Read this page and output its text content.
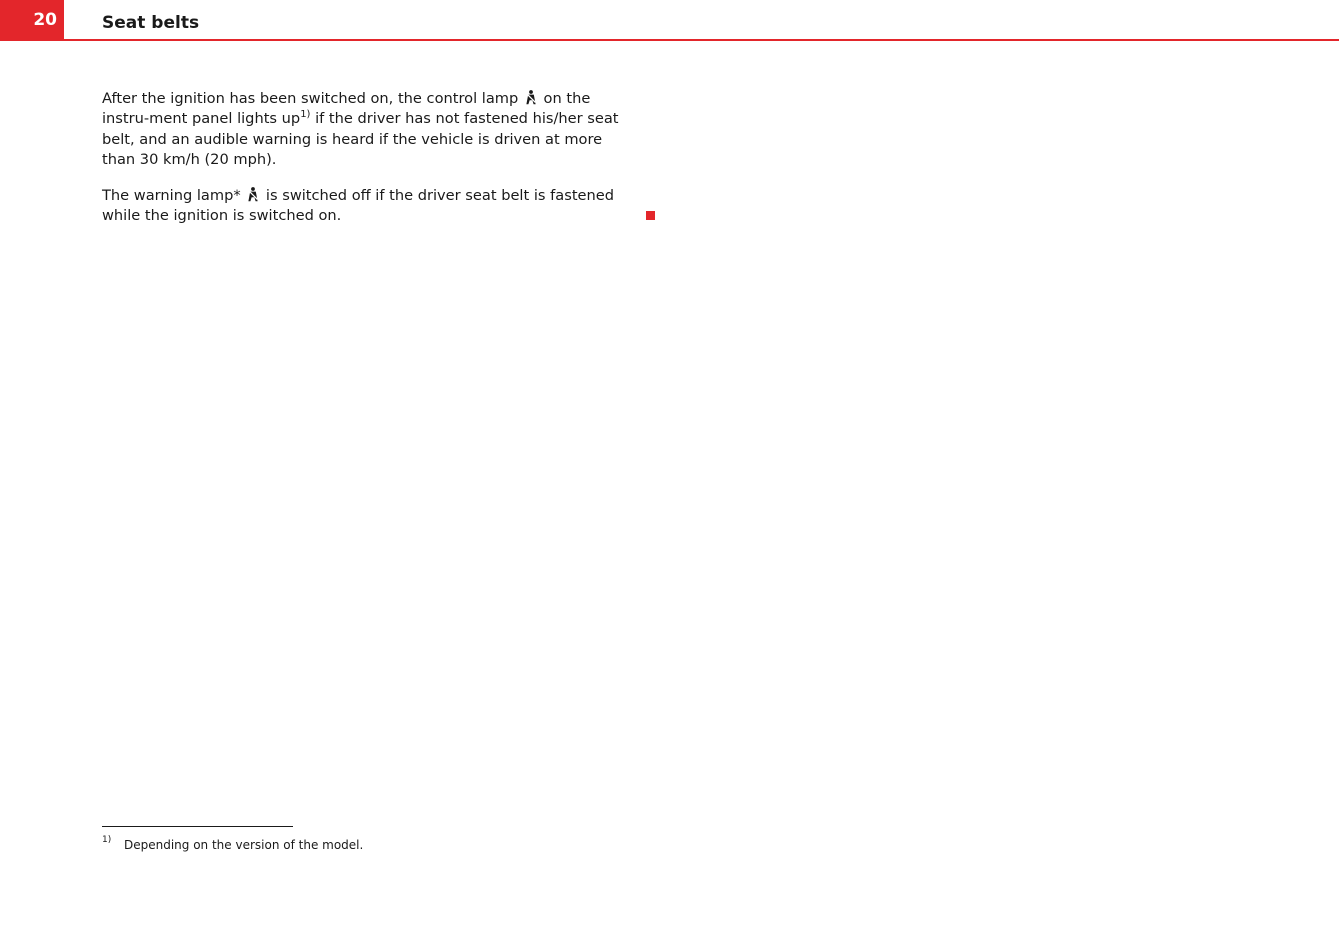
20	Seat belts

After the ignition has been switched on, the control lamp on the instru-ment panel lights $up^{1)}$ if the driver has not fastened his/her seat belt, and an audible warning is heard if the vehicle is driven at more than 30 km/h (20 mph).

The warning lamp* is switched off if the driver seat belt is fastened while the ignition is switched on.

1) Depending on the version of the model.
